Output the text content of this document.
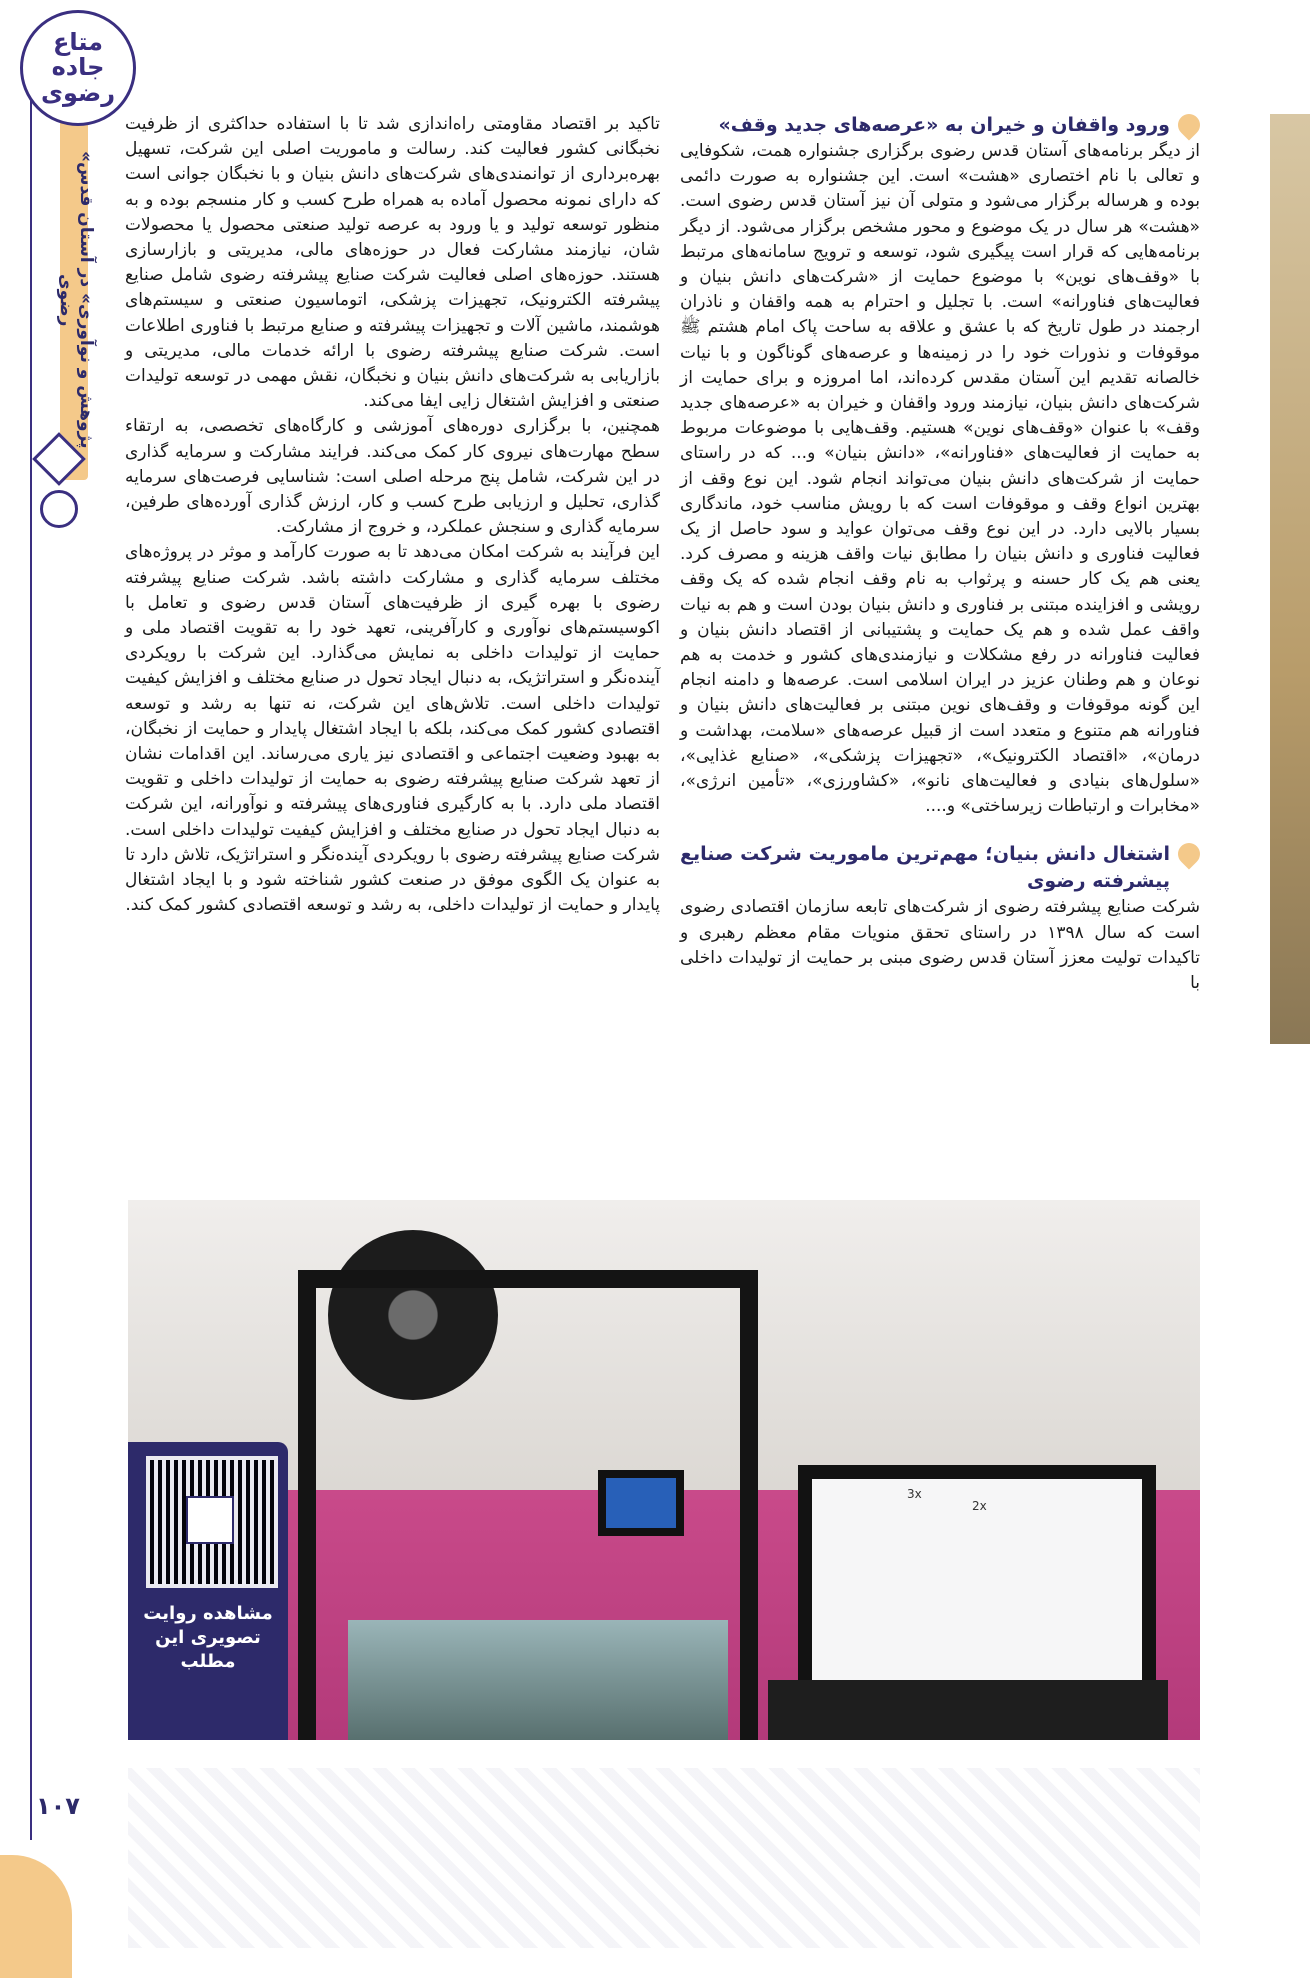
«پژوهش و نوآوری» در آستان قدس رضوی
متاع جاده رضوی
ورود واقفان و خیران به «عرصه‌های جدید وقف»

از دیگر برنامه‌های آستان قدس رضوی برگزاری جشنواره همت، شکوفایی و تعالی با نام اختصاری «هشت» است. این جشنواره به صورت دائمی بوده و هرساله برگزار می‌شود و متولی آن نیز آستان قدس رضوی است. «هشت» هر سال در یک موضوع و محور مشخص برگزار می‌شود. از دیگر برنامه‌هایی که قرار است پیگیری شود، توسعه و ترویج سامانه‌های مرتبط با «وقف‌های نوین» با موضوع حمایت از «شرکت‌های دانش بنیان و فعالیت‌های فناورانه» است. با تجلیل و احترام به همه واقفان و ناذران ارجمند در طول تاریخ که با عشق و علاقه به ساحت پاک امام هشتم ﷺ موقوفات و نذورات خود را در زمینه‌ها و عرصه‌های گوناگون و با نیات خالصانه تقدیم این آستان مقدس کرده‌اند، اما امروزه و برای حمایت از شرکت‌های دانش بنیان، نیازمند ورود واقفان و خیران به «عرصه‌های جدید وقف» با عنوان «وقف‌های نوین» هستیم. وقف‌هایی با موضوعات مربوط به حمایت از فعالیت‌های «فناورانه»، «دانش بنیان» و... که در راستای حمایت از شرکت‌های دانش بنیان می‌تواند انجام شود. این نوع وقف از بهترین انواع وقف و موقوفات است که با رویش مناسب خود، ماندگاری بسیار بالایی دارد. در این نوع وقف می‌توان عواید و سود حاصل از یک فعالیت فناوری و دانش بنیان را مطابق نیات واقف هزینه و مصرف کرد. یعنی هم یک کار حسنه و پرثواب به نام وقف انجام شده که یک وقف رویشی و افزاینده مبتنی بر فناوری و دانش بنیان بودن است و هم به نیات واقف عمل شده و هم یک حمایت و پشتیبانی از اقتصاد دانش بنیان و فعالیت فناورانه در رفع مشکلات و نیازمندی‌های کشور و خدمت به هم نوعان و هم وطنان عزیز در ایران اسلامی است. عرصه‌ها و دامنه انجام این گونه موقوفات و وقف‌های نوین مبتنی بر فعالیت‌های دانش بنیان و فناورانه هم متنوع و متعدد است از قبیل عرصه‌های «سلامت، بهداشت و درمان»، «اقتصاد الکترونیک»، «تجهیزات پزشکی»، «صنایع غذایی»، «سلول‌های بنیادی و فعالیت‌های نانو»، «کشاورزی»، «تأمین انرژی»، «مخابرات و ارتباطات زیرساختی» و....

اشتغال دانش بنیان؛ مهم‌ترین ماموریت شرکت صنایع پیشرفته رضوی

شرکت صنایع پیشرفته رضوی از شرکت‌های تابعه سازمان اقتصادی رضوی است که سال ۱۳۹۸ در راستای تحقق منویات مقام معظم رهبری و تاکیدات تولیت معزز آستان قدس رضوی مبنی بر حمایت از تولیدات داخلی با

تاکید بر اقتصاد مقاومتی راه‌اندازی شد تا با استفاده حداکثری از ظرفیت نخبگانی کشور فعالیت کند. رسالت و ماموریت اصلی این شرکت، تسهیل بهره‌برداری از توانمندی‌های شرکت‌های دانش بنیان و با نخبگان جوانی است که دارای نمونه محصول آماده به همراه طرح کسب و کار منسجم بوده و به منظور توسعه تولید و یا ورود به عرصه تولید صنعتی محصول یا محصولات شان، نیازمند مشارکت فعال در حوزه‌های مالی، مدیریتی و بازارسازی هستند. حوزه‌های اصلی فعالیت شرکت صنایع پیشرفته رضوی شامل صنایع پیشرفته الکترونیک، تجهیزات پزشکی، اتوماسیون صنعتی و سیستم‌های هوشمند، ماشین آلات و تجهیزات پیشرفته و صنایع مرتبط با فناوری اطلاعات است. شرکت صنایع پیشرفته رضوی با ارائه خدمات مالی، مدیریتی و بازاریابی به شرکت‌های دانش بنیان و نخبگان، نقش مهمی در توسعه تولیدات صنعتی و افزایش اشتغال زایی ایفا می‌کند.

همچنین، با برگزاری دوره‌های آموزشی و کارگاه‌های تخصصی، به ارتقاء سطح مهارت‌های نیروی کار کمک می‌کند. فرایند مشارکت و سرمایه گذاری در این شرکت، شامل پنج مرحله اصلی است: شناسایی فرصت‌های سرمایه گذاری، تحلیل و ارزیابی طرح کسب و کار، ارزش گذاری آورده‌های طرفین، سرمایه گذاری و سنجش عملکرد، و خروج از مشارکت.

این فرآیند به شرکت امکان می‌دهد تا به صورت کارآمد و موثر در پروژه‌های مختلف سرمایه گذاری و مشارکت داشته باشد. شرکت صنایع پیشرفته رضوی با بهره گیری از ظرفیت‌های آستان قدس رضوی و تعامل با اکوسیستم‌های نوآوری و کارآفرینی، تعهد خود را به تقویت اقتصاد ملی و حمایت از تولیدات داخلی به نمایش می‌گذارد. این شرکت با رویکردی آینده‌نگر و استراتژیک، به دنبال ایجاد تحول در صنایع مختلف و افزایش کیفیت تولیدات داخلی است. تلاش‌های این شرکت، نه تنها به رشد و توسعه اقتصادی کشور کمک می‌کند، بلکه با ایجاد اشتغال پایدار و حمایت از نخبگان، به بهبود وضعیت اجتماعی و اقتصادی نیز یاری می‌رساند. این اقدامات نشان از تعهد شرکت صنایع پیشرفته رضوی به حمایت از تولیدات داخلی و تقویت اقتصاد ملی دارد. با به کارگیری فناوری‌های پیشرفته و نوآورانه، این شرکت به دنبال ایجاد تحول در صنایع مختلف و افزایش کیفیت تولیدات داخلی است. شرکت صنایع پیشرفته رضوی با رویکردی آینده‌نگر و استراتژیک، تلاش دارد تا به عنوان یک الگوی موفق در صنعت کشور شناخته شود و با ایجاد اشتغال پایدار و حمایت از تولیدات داخلی، به رشد و توسعه اقتصادی کشور کمک کند.

3x
2x
مشاهده روایت تصویری این مطلب
۱۰۷
